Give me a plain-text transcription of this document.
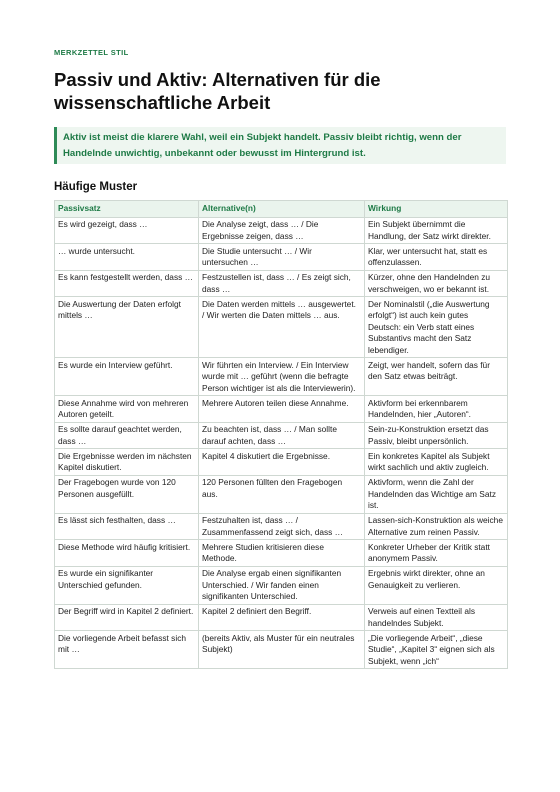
MERKZETTEL STIL

Passiv und Aktiv: Alternativen für die wissenschaftliche Arbeit
Aktiv ist meist die klarere Wahl, weil ein Subjekt handelt. Passiv bleibt richtig, wenn der Handelnde unwichtig, unbekannt oder bewusst im Hintergrund ist.
Häufige Muster
Passivsatz	Alternative(n)	Wirkung
Es wird gezeigt, dass …	Die Analyse zeigt, dass … / Die Ergebnisse zeigen, dass …	Ein Subjekt übernimmt die Handlung, der Satz wirkt direkter.
… wurde untersucht.	Die Studie untersucht … / Wir untersuchen …	Klar, wer untersucht hat, statt es offenzulassen.
Es kann festgestellt werden, dass …	Festzustellen ist, dass … / Es zeigt sich, dass …	Kürzer, ohne den Handelnden zu verschweigen, wo er bekannt ist.
Die Auswertung der Daten erfolgt mittels …	Die Daten werden mittels … ausgewertet. / Wir werten die Daten mittels … aus.	Der Nominalstil („die Auswertung erfolgt“) ist auch kein gutes Deutsch: ein Verb statt eines Substantivs macht den Satz lebendiger.
Es wurde ein Interview geführt.	Wir führten ein Interview. / Ein Interview wurde mit … geführt (wenn die befragte Person wichtiger ist als die Interviewerin).	Zeigt, wer handelt, sofern das für den Satz etwas beiträgt.
Diese Annahme wird von mehreren Autoren geteilt.	Mehrere Autoren teilen diese Annahme.	Aktivform bei erkennbarem Handelnden, hier „Autoren“.
Es sollte darauf geachtet werden, dass …	Zu beachten ist, dass … / Man sollte darauf achten, dass …	Sein-zu-Konstruktion ersetzt das Passiv, bleibt unpersönlich.
Die Ergebnisse werden im nächsten Kapitel diskutiert.	Kapitel 4 diskutiert die Ergebnisse.	Ein konkretes Kapitel als Subjekt wirkt sachlich und aktiv zugleich.
Der Fragebogen wurde von 120 Personen ausgefüllt.	120 Personen füllten den Fragebogen aus.	Aktivform, wenn die Zahl der Handelnden das Wichtige am Satz ist.
Es lässt sich festhalten, dass …	Festzuhalten ist, dass … / Zusammenfassend zeigt sich, dass …	Lassen-sich-Konstruktion als weiche Alternative zum reinen Passiv.
Diese Methode wird häufig kritisiert.	Mehrere Studien kritisieren diese Methode.	Konkreter Urheber der Kritik statt anonymem Passiv.
Es wurde ein signifikanter Unterschied gefunden.	Die Analyse ergab einen signifikanten Unterschied. / Wir fanden einen signifikanten Unterschied.	Ergebnis wirkt direkter, ohne an Genauigkeit zu verlieren.
Der Begriff wird in Kapitel 2 definiert.	Kapitel 2 definiert den Begriff.	Verweis auf einen Textteil als handelndes Subjekt.
Die vorliegende Arbeit befasst sich mit …	(bereits Aktiv, als Muster für ein neutrales Subjekt)	„Die vorliegende Arbeit“, „diese Studie“, „Kapitel 3“ eignen sich als Subjekt, wenn „ich“
